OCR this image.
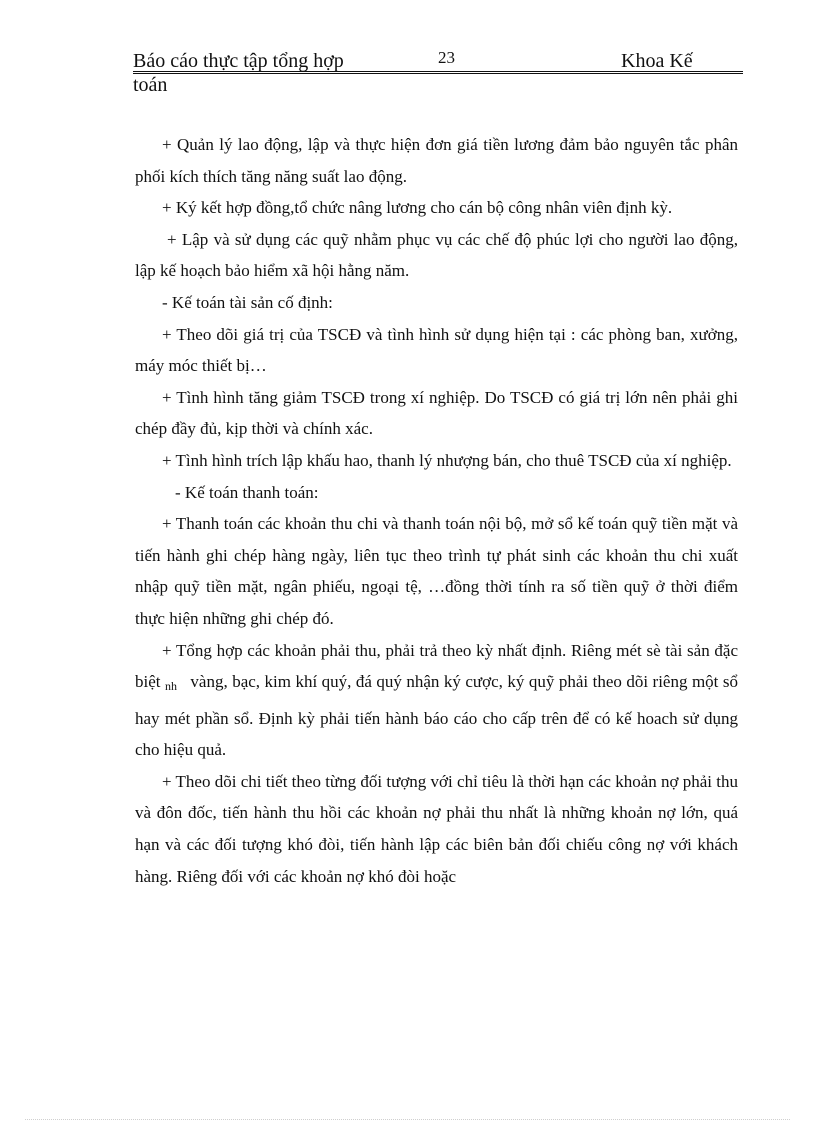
Báo cáo thực tập tổng hợp	23	Khoa Kế
toán

+ Quản lý lao động, lập và thực hiện đơn giá tiền lương đảm bảo nguyên tắc phân phối kích thích tăng năng suất lao động.

+ Ký kết hợp đồng,tổ chức nâng lương cho cán bộ công nhân viên định kỳ.

+ Lập và sử dụng các quỹ nhằm phục vụ các chế độ phúc lợi cho người lao động, lập kế hoạch bảo hiểm xã hội hằng năm.

- Kế toán tài sản cố định:

+ Theo dõi giá trị của TSCĐ và tình hình sử dụng hiện tại : các phòng ban, xưởng, máy móc thiết bị…

+ Tình hình tăng giảm TSCĐ trong xí nghiệp. Do TSCĐ có giá trị lớn nên phải ghi chép đầy đủ, kịp thời và chính xác.

+ Tình hình trích lập khấu hao, thanh lý nhượng bán, cho thuê TSCĐ của xí nghiệp.

- Kế toán thanh toán:

+ Thanh toán các khoản thu chi và thanh toán nội bộ, mở sổ kế toán quỹ tiền mặt và tiến hành ghi chép hàng ngày, liên tục theo trình tự phát sinh các khoản thu chi xuất nhập quỹ tiền mặt, ngân phiếu, ngoại tệ, …đồng thời tính ra số tiền quỹ ở thời điểm thực hiện những ghi chép đó.

+ Tổng hợp các khoản phải thu, phải trả theo kỳ nhất định. Riêng mét sè tài sản đặc biệt $_{nh}$ vàng, bạc, kim khí quý, đá quý nhận ký cược, ký quỹ phải theo dõi riêng một sổ hay mét phần sổ. Định kỳ phải tiến hành báo cáo cho cấp trên để có kế hoach sử dụng cho hiệu quả.

+ Theo dõi chi tiết theo từng đối tượng với chỉ tiêu là thời hạn các khoản nợ phải thu và đôn đốc, tiến hành thu hồi các khoản nợ phải thu nhất là những khoản nợ lớn, quá hạn và các đối tượng khó đòi, tiến hành lập các biên bản đối chiếu công nợ với khách hàng. Riêng đối với các khoản nợ khó đòi hoặc
